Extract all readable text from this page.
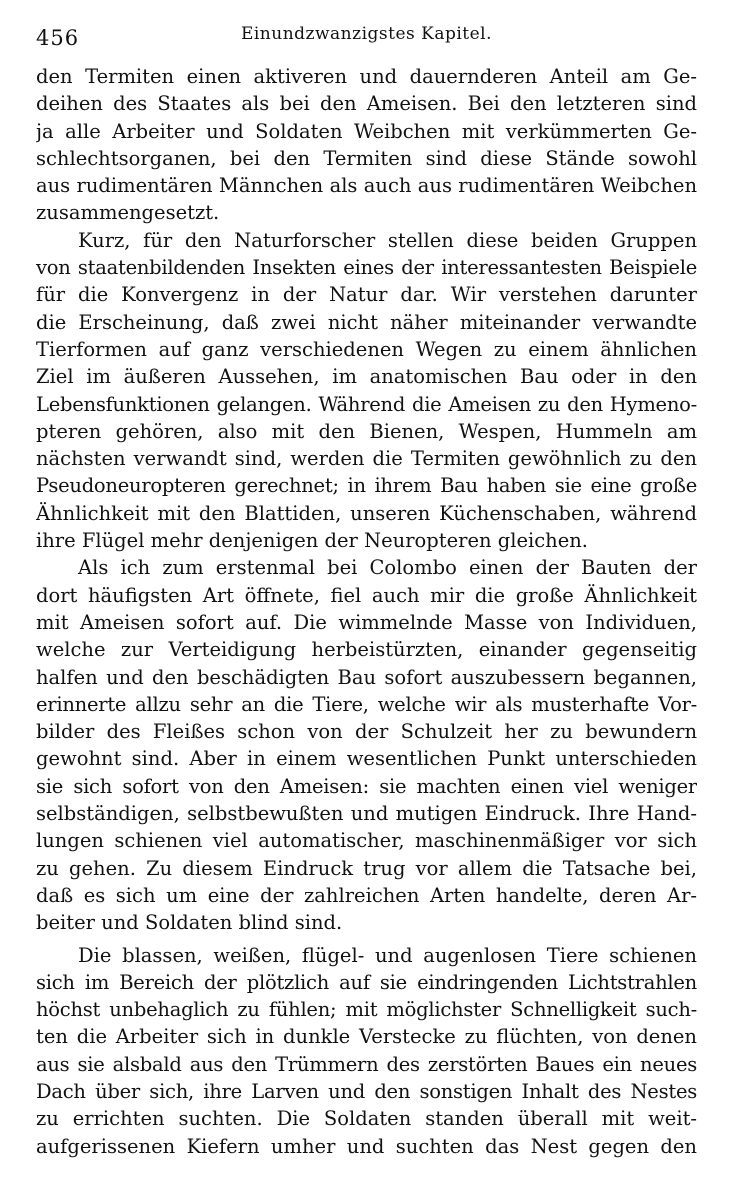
456	Einundzwanzigstes Kapitel.
den Termiten einen aktiveren und dauernderen Anteil am Ge-
deihen des Staates als bei den Ameisen. Bei den letzteren sind
ja alle Arbeiter und Soldaten Weibchen mit verkümmerten Ge-
schlechtsorganen, bei den Termiten sind diese Stände sowohl
aus rudimentären Männchen als auch aus rudimentären Weibchen
zusammengesetzt.
Kurz, für den Naturforscher stellen diese beiden Gruppen
von staatenbildenden Insekten eines der interessantesten Beispiele
für die Konvergenz in der Natur dar. Wir verstehen darunter
die Erscheinung, daß zwei nicht näher miteinander verwandte
Tierformen auf ganz verschiedenen Wegen zu einem ähnlichen
Ziel im äußeren Aussehen, im anatomischen Bau oder in den
Lebensfunktionen gelangen. Während die Ameisen zu den Hymeno-
pteren gehören, also mit den Bienen, Wespen, Hummeln am
nächsten verwandt sind, werden die Termiten gewöhnlich zu den
Pseudoneuropteren gerechnet; in ihrem Bau haben sie eine große
Ähnlichkeit mit den Blattiden, unseren Küchenschaben, während
ihre Flügel mehr denjenigen der Neuropteren gleichen.
Als ich zum erstenmal bei Colombo einen der Bauten der
dort häufigsten Art öffnete, fiel auch mir die große Ähnlichkeit
mit Ameisen sofort auf. Die wimmelnde Masse von Individuen,
welche zur Verteidigung herbeistürzten, einander gegenseitig
halfen und den beschädigten Bau sofort auszubessern begannen,
erinnerte allzu sehr an die Tiere, welche wir als musterhafte Vor-
bilder des Fleißes schon von der Schulzeit her zu bewundern
gewohnt sind. Aber in einem wesentlichen Punkt unterschieden
sie sich sofort von den Ameisen: sie machten einen viel weniger
selbständigen, selbstbewußten und mutigen Eindruck. Ihre Hand-
lungen schienen viel automatischer, maschinenmäßiger vor sich
zu gehen. Zu diesem Eindruck trug vor allem die Tatsache bei,
daß es sich um eine der zahlreichen Arten handelte, deren Ar-
beiter und Soldaten blind sind.
Die blassen, weißen, flügel- und augenlosen Tiere schienen
sich im Bereich der plötzlich auf sie eindringenden Lichtstrahlen
höchst unbehaglich zu fühlen; mit möglichster Schnelligkeit such-
ten die Arbeiter sich in dunkle Verstecke zu flüchten, von denen
aus sie alsbald aus den Trümmern des zerstörten Baues ein neues
Dach über sich, ihre Larven und den sonstigen Inhalt des Nestes
zu errichten suchten. Die Soldaten standen überall mit weit-
aufgerissenen Kiefern umher und suchten das Nest gegen den
